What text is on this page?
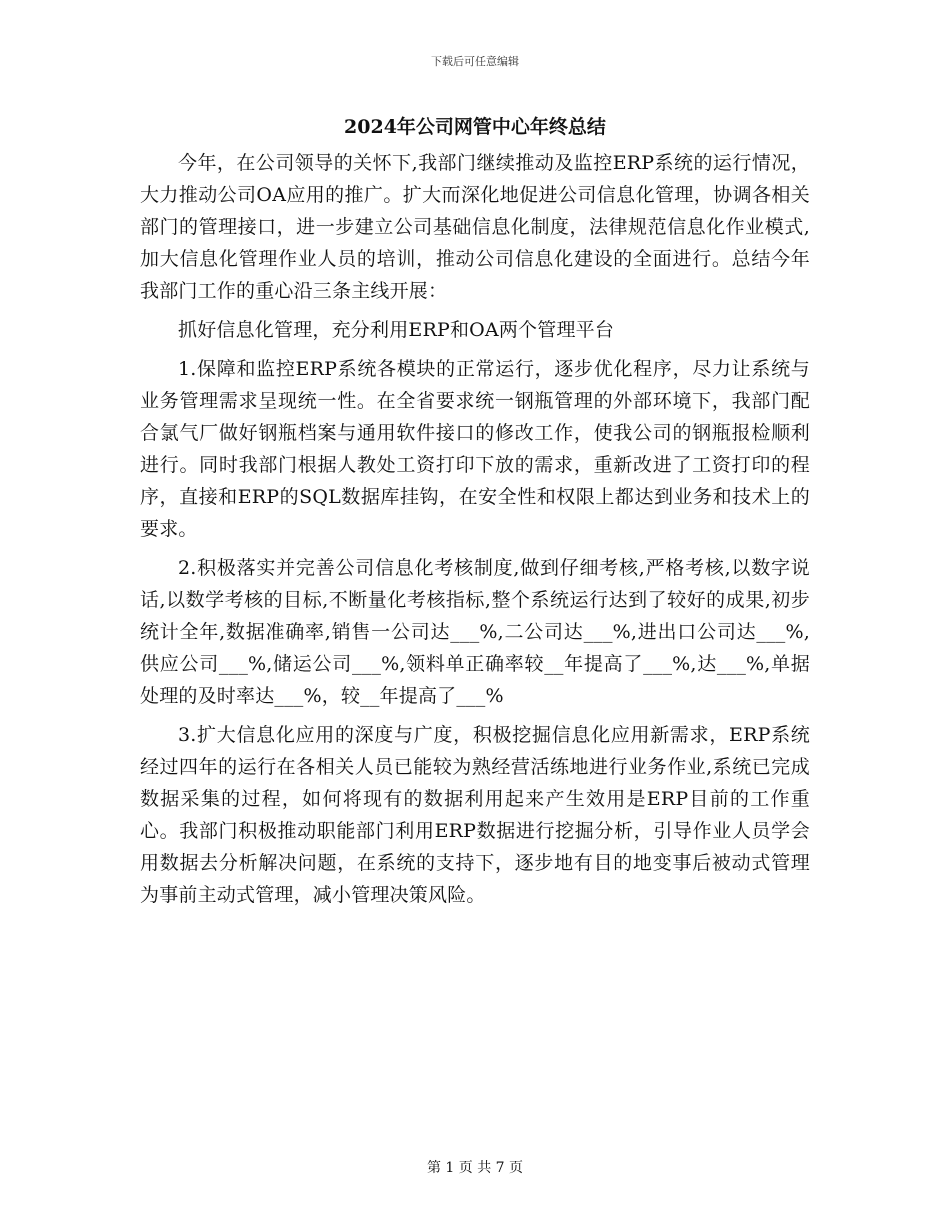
下载后可任意编辑
2024年公司网管中心年终总结

今年，在公司领导的关怀下,我部门继续推动及监控ERP系统的运行情况，大力推动公司OA应用的推广。扩大而深化地促进公司信息化管理，协调各相关部门的管理接口，进一步建立公司基础信息化制度，法律规范信息化作业模式,加大信息化管理作业人员的培训，推动公司信息化建设的全面进行。总结今年我部门工作的重心沿三条主线开展：

抓好信息化管理，充分利用ERP和OA两个管理平台

1.保障和监控ERP系统各模块的正常运行，逐步优化程序，尽力让系统与业务管理需求呈现统一性。在全省要求统一钢瓶管理的外部环境下，我部门配合氯气厂做好钢瓶档案与通用软件接口的修改工作，使我公司的钢瓶报检顺利进行。同时我部门根据人教处工资打印下放的需求，重新改进了工资打印的程序，直接和ERP的SQL数据库挂钩，在安全性和权限上都达到业务和技术上的要求。

2.积极落实并完善公司信息化考核制度,做到仔细考核,严格考核,以数字说话,以数学考核的目标,不断量化考核指标,整个系统运行达到了较好的成果,初步统计全年,数据准确率,销售一公司达___%,二公司达___%,进出口公司达___%,供应公司___%,储运公司___%,领料单正确率较__年提高了___%,达___%,单据处理的及时率达___%，较__年提高了___%

3.扩大信息化应用的深度与广度，积极挖掘信息化应用新需求，ERP系统经过四年的运行在各相关人员已能较为熟经营活练地进行业务作业,系统已完成数据采集的过程，如何将现有的数据利用起来产生效用是ERP目前的工作重心。我部门积极推动职能部门利用ERP数据进行挖掘分析，引导作业人员学会用数据去分析解决问题，在系统的支持下，逐步地有目的地变事后被动式管理为事前主动式管理，减小管理决策风险。

第 1 页 共 7 页
